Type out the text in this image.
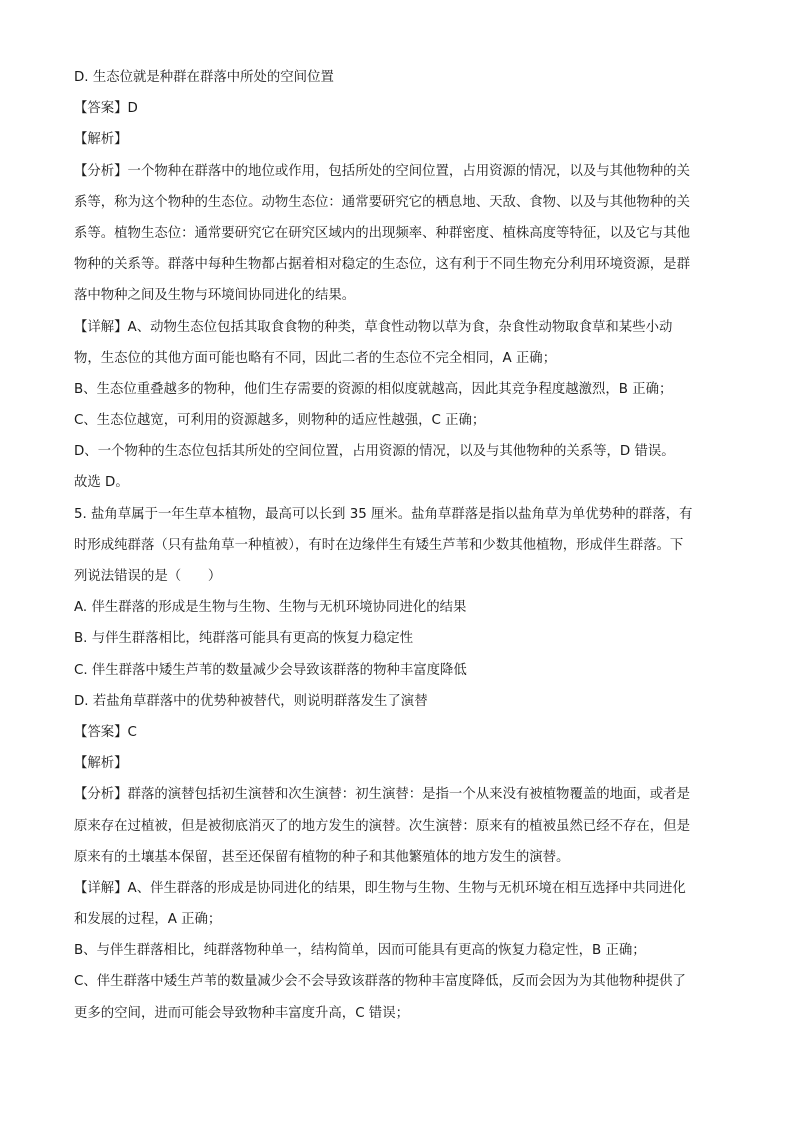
D. 生态位就是种群在群落中所处的空间位置
【答案】D
【解析】
【分析】一个物种在群落中的地位或作用，包括所处的空间位置，占用资源的情况，以及与其他物种的关
系等，称为这个物种的生态位。动物生态位：通常要研究它的栖息地、天敌、食物、以及与其他物种的关
系等。植物生态位：通常要研究它在研究区域内的出现频率、种群密度、植株高度等特征，以及它与其他
物种的关系等。群落中每种生物都占据着相对稳定的生态位，这有利于不同生物充分利用环境资源，是群
落中物种之间及生物与环境间协同进化的结果。
【详解】A、动物生态位包括其取食食物的种类，草食性动物以草为食，杂食性动物取食草和某些小动
物，生态位的其他方面可能也略有不同，因此二者的生态位不完全相同，A 正确；
B、生态位重叠越多的物种，他们生存需要的资源的相似度就越高，因此其竞争程度越激烈，B 正确；
C、生态位越宽，可利用的资源越多，则物种的适应性越强，C 正确；
D、一个物种的生态位包括其所处的空间位置，占用资源的情况，以及与其他物种的关系等，D 错误。
故选 D。
5. 盐角草属于一年生草本植物，最高可以长到 35 厘米。盐角草群落是指以盐角草为单优势种的群落，有
时形成纯群落（只有盐角草一种植被），有时在边缘伴生有矮生芦苇和少数其他植物，形成伴生群落。下
列说法错误的是（　　）
A. 伴生群落的形成是生物与生物、生物与无机环境协同进化的结果
B. 与伴生群落相比，纯群落可能具有更高的恢复力稳定性
C. 伴生群落中矮生芦苇的数量减少会导致该群落的物种丰富度降低
D. 若盐角草群落中的优势种被替代，则说明群落发生了演替
【答案】C
【解析】
【分析】群落的演替包括初生演替和次生演替：初生演替：是指一个从来没有被植物覆盖的地面，或者是
原来存在过植被，但是被彻底消灭了的地方发生的演替。次生演替：原来有的植被虽然已经不存在，但是
原来有的土壤基本保留，甚至还保留有植物的种子和其他繁殖体的地方发生的演替。
【详解】A、伴生群落的形成是协同进化的结果，即生物与生物、生物与无机环境在相互选择中共同进化
和发展的过程，A 正确；
B、与伴生群落相比，纯群落物种单一，结构简单，因而可能具有更高的恢复力稳定性，B 正确；
C、伴生群落中矮生芦苇的数量减少会不会导致该群落的物种丰富度降低，反而会因为为其他物种提供了
更多的空间，进而可能会导致物种丰富度升高，C 错误；
